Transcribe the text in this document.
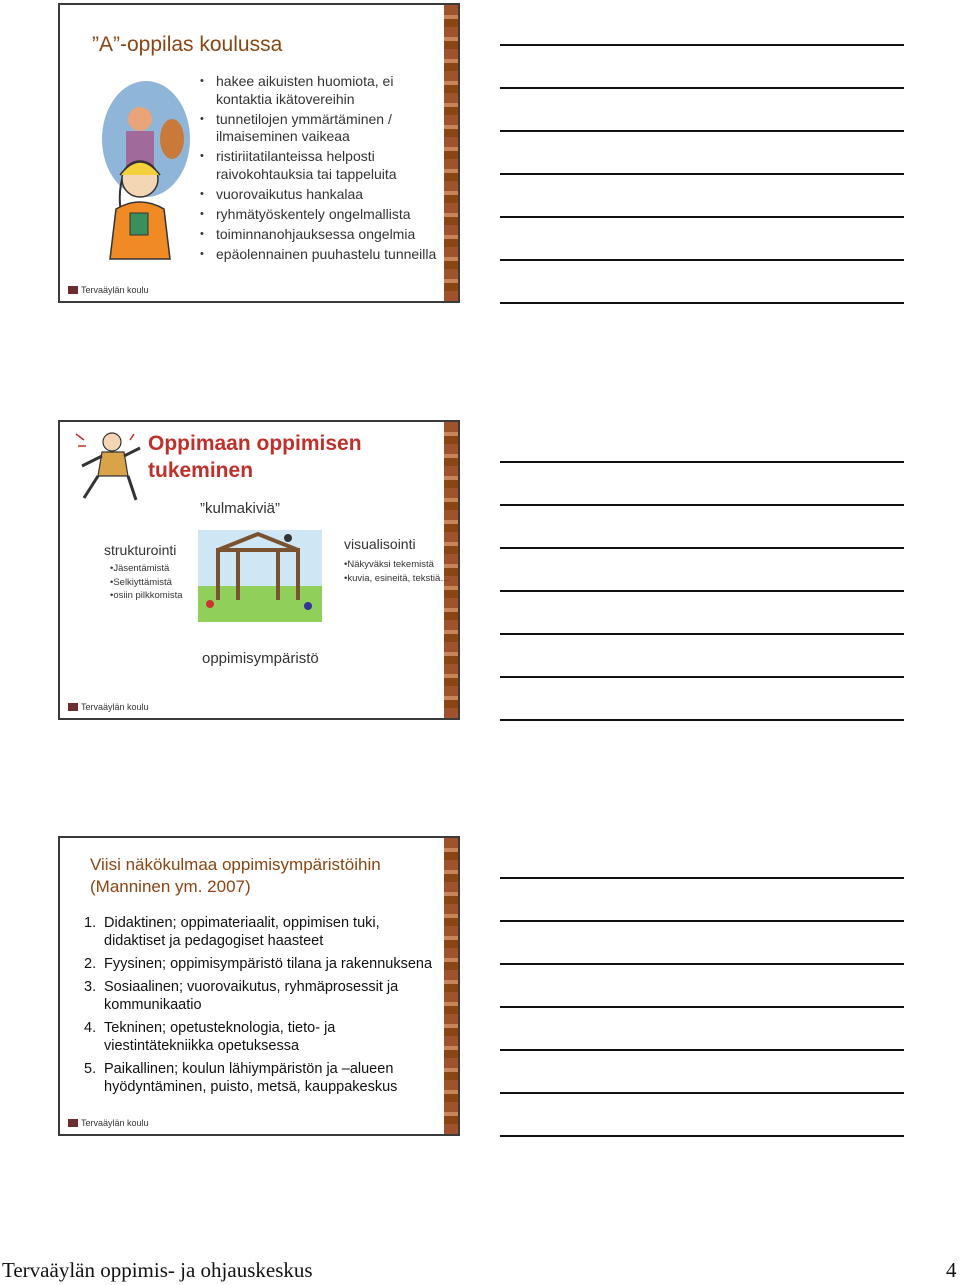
”A”-oppilas koulussa
• hakee aikuisten huomiota, ei kontaktia ikätovereihin
• tunnetilojen ymmärtäminen / ilmaiseminen vaikeaa
• ristiriitatilanteissa helposti raivokohtauksia tai tappeluita
• vuorovaikutus hankalaa
• ryhmätyöskentely ongelmallista
• toiminnanohjauksessa ongelmia
• epäolennainen puuhastelu tunneilla
Tervaäylän koulu
Oppimaan oppimisen tukeminen
”kulmakiviä”
strukturointi
•Jäsentämistä
•Selkiyttämistä
•osiin pilkkomista
visualisointi
•Näkyväksi tekemistä
•kuvia, esineitä, tekstiä…
oppimisympäristö
Tervaäylän koulu
Viisi näkökulmaa oppimisympäristöihin
(Manninen ym. 2007)
1. Didaktinen; oppimateriaalit, oppimisen tuki, didaktiset ja pedagogiset haasteet
2. Fyysinen; oppimisympäristö tilana ja rakennuksena
3. Sosiaalinen; vuorovaikutus, ryhmäprosessit ja kommunikaatio
4. Tekninen; opetusteknologia, tieto- ja viestintätekniikka opetuksessa
5. Paikallinen; koulun lähiympäristön ja –alueen hyödyntäminen, puisto, metsä, kauppakeskus
Tervaäylän koulu
Tervaäylän oppimis- ja ohjauskeskus	4
